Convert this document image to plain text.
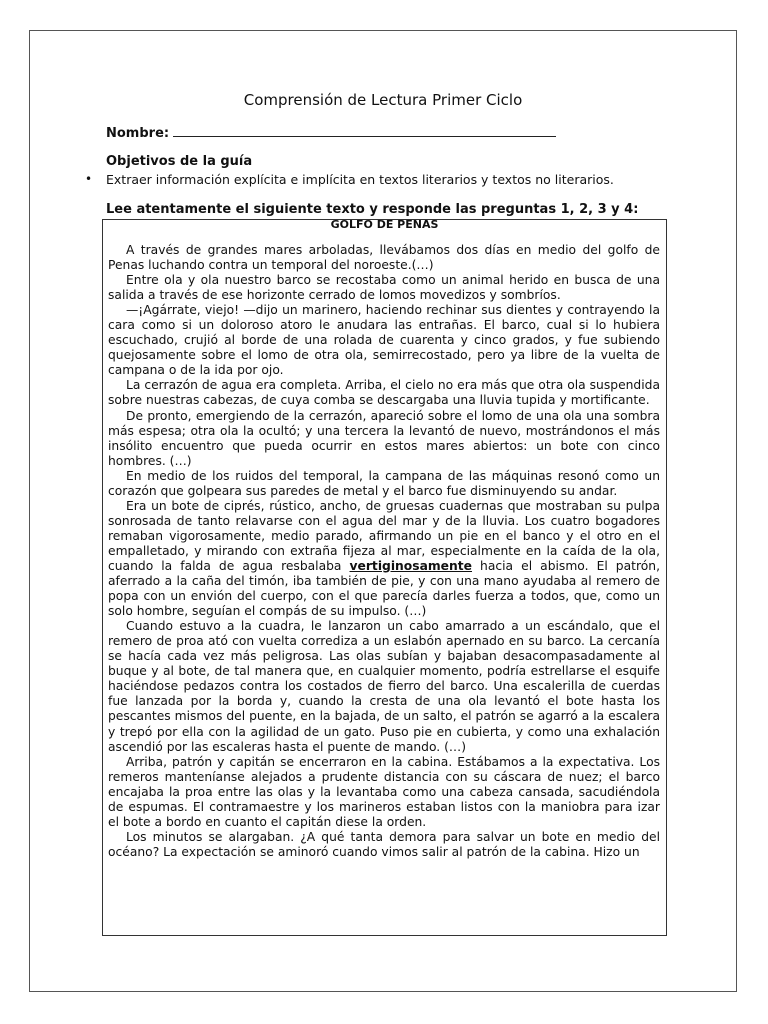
Comprensión de Lectura Primer Ciclo
Nombre:
Objetivos de la guía
• Extraer información explícita e implícita en textos literarios y textos no literarios.
Lee atentamente el siguiente texto y responde las preguntas 1, 2, 3 y 4:
GOLFO DE PENAS

A través de grandes mares arboladas, llevábamos dos días en medio del golfo de Penas luchando contra un temporal del noroeste.(…)

Entre ola y ola nuestro barco se recostaba como un animal herido en busca de una salida a través de ese horizonte cerrado de lomos movedizos y sombríos.

—¡Agárrate, viejo! —dijo un marinero, haciendo rechinar sus dientes y contrayendo la cara como si un doloroso atoro le anudara las entrañas. El barco, cual si lo hubiera escuchado, crujió al borde de una rolada de cuarenta y cinco grados, y fue subiendo quejosamente sobre el lomo de otra ola, semirrecostado, pero ya libre de la vuelta de campana o de la ida por ojo.

La cerrazón de agua era completa. Arriba, el cielo no era más que otra ola suspendida sobre nuestras cabezas, de cuya comba se descargaba una lluvia tupida y mortificante.

De pronto, emergiendo de la cerrazón, apareció sobre el lomo de una ola una sombra más espesa; otra ola la ocultó; y una tercera la levantó de nuevo, mostrándonos el más insólito encuentro que pueda ocurrir en estos mares abiertos: un bote con cinco hombres. (…)

En medio de los ruidos del temporal, la campana de las máquinas resonó como un corazón que golpeara sus paredes de metal y el barco fue disminuyendo su andar.

Era un bote de ciprés, rústico, ancho, de gruesas cuadernas que mostraban su pulpa sonrosada de tanto relavarse con el agua del mar y de la lluvia. Los cuatro bogadores remaban vigorosamente, medio parado, afirmando un pie en el banco y el otro en el empalletado, y mirando con extraña fijeza al mar, especialmente en la caída de la ola, cuando la falda de agua resbalaba vertiginosamente hacia el abismo. El patrón, aferrado a la caña del timón, iba también de pie, y con una mano ayudaba al remero de popa con un envión del cuerpo, con el que parecía darles fuerza a todos, que, como un solo hombre, seguían el compás de su impulso. (…)

Cuando estuvo a la cuadra, le lanzaron un cabo amarrado a un escándalo, que el remero de proa ató con vuelta corrediza a un eslabón apernado en su barco. La cercanía se hacía cada vez más peligrosa. Las olas subían y bajaban desacompasadamente al buque y al bote, de tal manera que, en cualquier momento, podría estrellarse el esquife haciéndose pedazos contra los costados de fierro del barco. Una escalerilla de cuerdas fue lanzada por la borda y, cuando la cresta de una ola levantó el bote hasta los pescantes mismos del puente, en la bajada, de un salto, el patrón se agarró a la escalera y trepó por ella con la agilidad de un gato. Puso pie en cubierta, y como una exhalación ascendió por las escaleras hasta el puente de mando. (…)

Arriba, patrón y capitán se encerraron en la cabina. Estábamos a la expectativa. Los remeros manteníanse alejados a prudente distancia con su cáscara de nuez; el barco encajaba la proa entre las olas y la levantaba como una cabeza cansada, sacudiéndola de espumas. El contramaestre y los marineros estaban listos con la maniobra para izar el bote a bordo en cuanto el capitán diese la orden.

Los minutos se alargaban. ¿A qué tanta demora para salvar un bote en medio del océano? La expectación se aminoró cuando vimos salir al patrón de la cabina. Hizo un
